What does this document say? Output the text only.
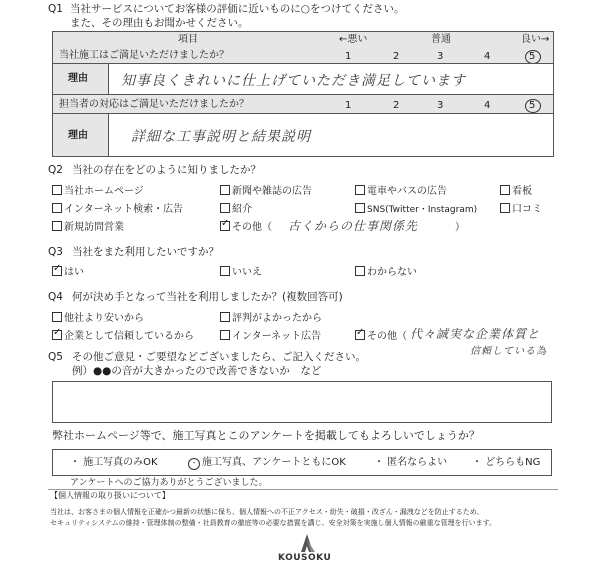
Q1 当社サービスについてお客様の評価に近いものに○をつけてください。
また、その理由もお聞かせください。
項目	←悪い	普通	良い→
当社施工はご満足いただけましたか？	1	2	3	4	5
理由 知事良くきれいに仕上げていただき満足しています
担当者の対応はご満足いただけましたか？	1	2	3	4	5
理由	詳細な工事説明と結果説明
Q2 当社の存在をどのように知りましたか？
当社ホームページ	新聞や雑誌の広告	電車やバスの広告	看板
インターネット検索・広告	紹介	SNS(Twitter・Instagram)	口コミ
新規訪問営業 ✓	その他（ 古くからの仕事関係先	）
Q3 当社をまた利用したいですか？
✓はい	いいえ	わからない
Q4 何が決め手となって当社を利用しましたか？(複数回答可)
他社より安いから	評判がよかったから
✓企業として信頼しているから	インターネット広告 ✓	その他（ 代々誠実な企業体質と
信頼している為
Q5 その他ご意見・ご要望などございましたら、ご記入ください。
例）●●の音が大きかったので改善できないか　など
弊社ホームページ等で、施工写真とこのアンケートを掲載してもよろしいでしょうか？
・ 施工写真のみOK	・ 施工写真、アンケートともにOK	・ 匿名ならよい ・ どちらもNG
アンケートへのご協力ありがとうございました。
【個人情報の取り扱いについて】
当社は、お客さまの個人情報を正確かつ最新の状態に保ち、個人情報への不正アクセス・紛失・破損・改ざん・漏洩などを防止するため、
セキュリティシステムの維持・管理体制の整備・社員教育の徹底等の必要な措置を講じ、安全対策を実施し個人情報の厳重な管理を行います。
KOUSOKU
